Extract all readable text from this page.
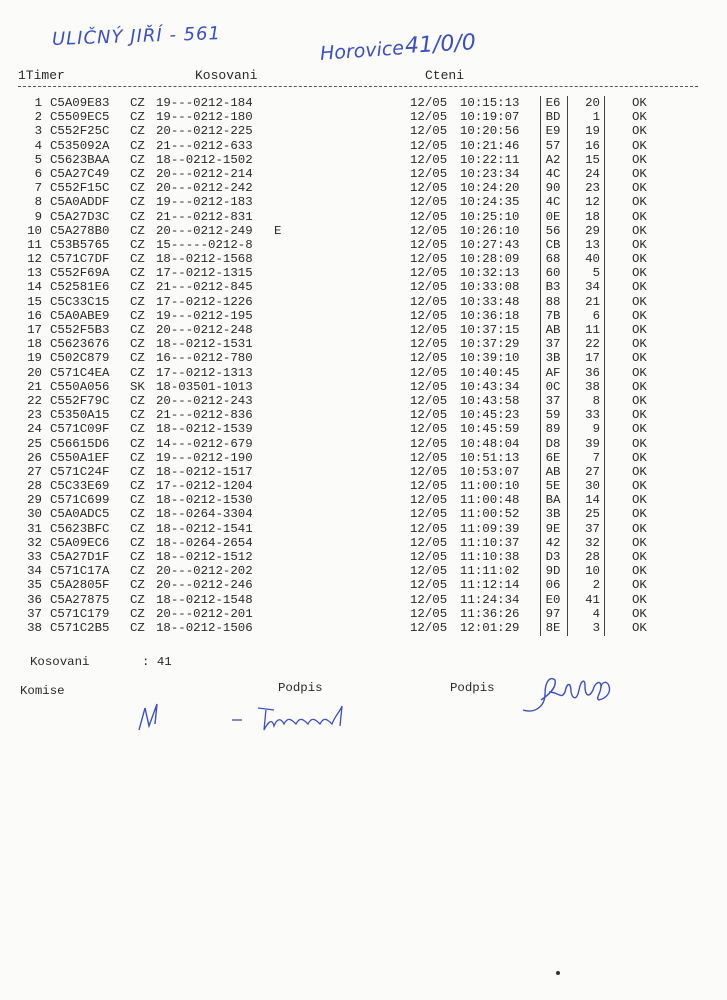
ULIČNÝ JIŘÍ - 561
Horovice 41/0/0
1Timer	Kosovani	Cteni
1 C5A09E83 CZ 19---0212-184	12/05 10:15:13	E6	20	OK
2 C5509EC5 CZ 19---0212-180	12/05 10:19:07	BD	1	OK
3 C552F25C CZ 20---0212-225	12/05 10:20:56	E9	19	OK
4 C535092A CZ 21---0212-633	12/05 10:21:46	57	16	OK
5 C5623BAA CZ 18--0212-1502	12/05 10:22:11	A2	15	OK
6 C5A27C49 CZ 20---0212-214	12/05 10:23:34	4C	24	OK
7 C552F15C CZ 20---0212-242	12/05 10:24:20	90	23	OK
8 C5A0ADDF CZ 19---0212-183	12/05 10:24:35	4C	12	OK
9 C5A27D3C CZ 21---0212-831	12/05 10:25:10	0E	18	OK
10 C5A278B0 CZ 20---0212-249 E	12/05 10:26:10	56	29	OK
11 C53B5765 CZ 15-----0212-8	12/05 10:27:43	CB	13	OK
12 C571C7DF CZ 18--0212-1568	12/05 10:28:09	68	40	OK
13 C552F69A CZ 17--0212-1315	12/05 10:32:13	60	5	OK
14 C52581E6 CZ 21---0212-845	12/05 10:33:08	B3	34	OK
15 C5C33C15 CZ 17--0212-1226	12/05 10:33:48	88	21	OK
16 C5A0ABE9 CZ 19---0212-195	12/05 10:36:18	7B	6	OK
17 C552F5B3 CZ 20---0212-248	12/05 10:37:15	AB	11	OK
18 C5623676 CZ 18--0212-1531	12/05 10:37:29	37	22	OK
19 C502C879 CZ 16---0212-780	12/05 10:39:10	3B	17	OK
20 C571C4EA CZ 17--0212-1313	12/05 10:40:45	AF	36	OK
21 C550A056 SK 18-03501-1013	12/05 10:43:34	0C	38	OK
22 C552F79C CZ 20---0212-243	12/05 10:43:58	37	8	OK
23 C5350A15 CZ 21---0212-836	12/05 10:45:23	59	33	OK
24 C571C09F CZ 18--0212-1539	12/05 10:45:59	89	9	OK
25 C56615D6 CZ 14---0212-679	12/05 10:48:04	D8	39	OK
26 C550A1EF CZ 19---0212-190	12/05 10:51:13	6E	7	OK
27 C571C24F CZ 18--0212-1517	12/05 10:53:07	AB	27	OK
28 C5C33E69 CZ 17--0212-1204	12/05 11:00:10	5E	30	OK
29 C571C699 CZ 18--0212-1530	12/05 11:00:48	BA	14	OK
30 C5A0ADC5 CZ 18--0264-3304	12/05 11:00:52	3B	25	OK
31 C5623BFC CZ 18--0212-1541	12/05 11:09:39	9E	37	OK
32 C5A09EC6 CZ 18--0264-2654	12/05 11:10:37	42	32	OK
33 C5A27D1F CZ 18--0212-1512	12/05 11:10:38	D3	28	OK
34 C571C17A CZ 20---0212-202	12/05 11:11:02	9D	10	OK
35 C5A2805F CZ 20---0212-246	12/05 11:12:14	06	2	OK
36 C5A27875 CZ 18--0212-1548	12/05 11:24:34	E0	41	OK
37 C571C179 CZ 20---0212-201	12/05 11:36:26	97	4	OK
38 C571C2B5 CZ 18--0212-1506	12/05 12:01:29	8E	3	OK
Kosovani	: 41
Komise	Podpis	Podpis
